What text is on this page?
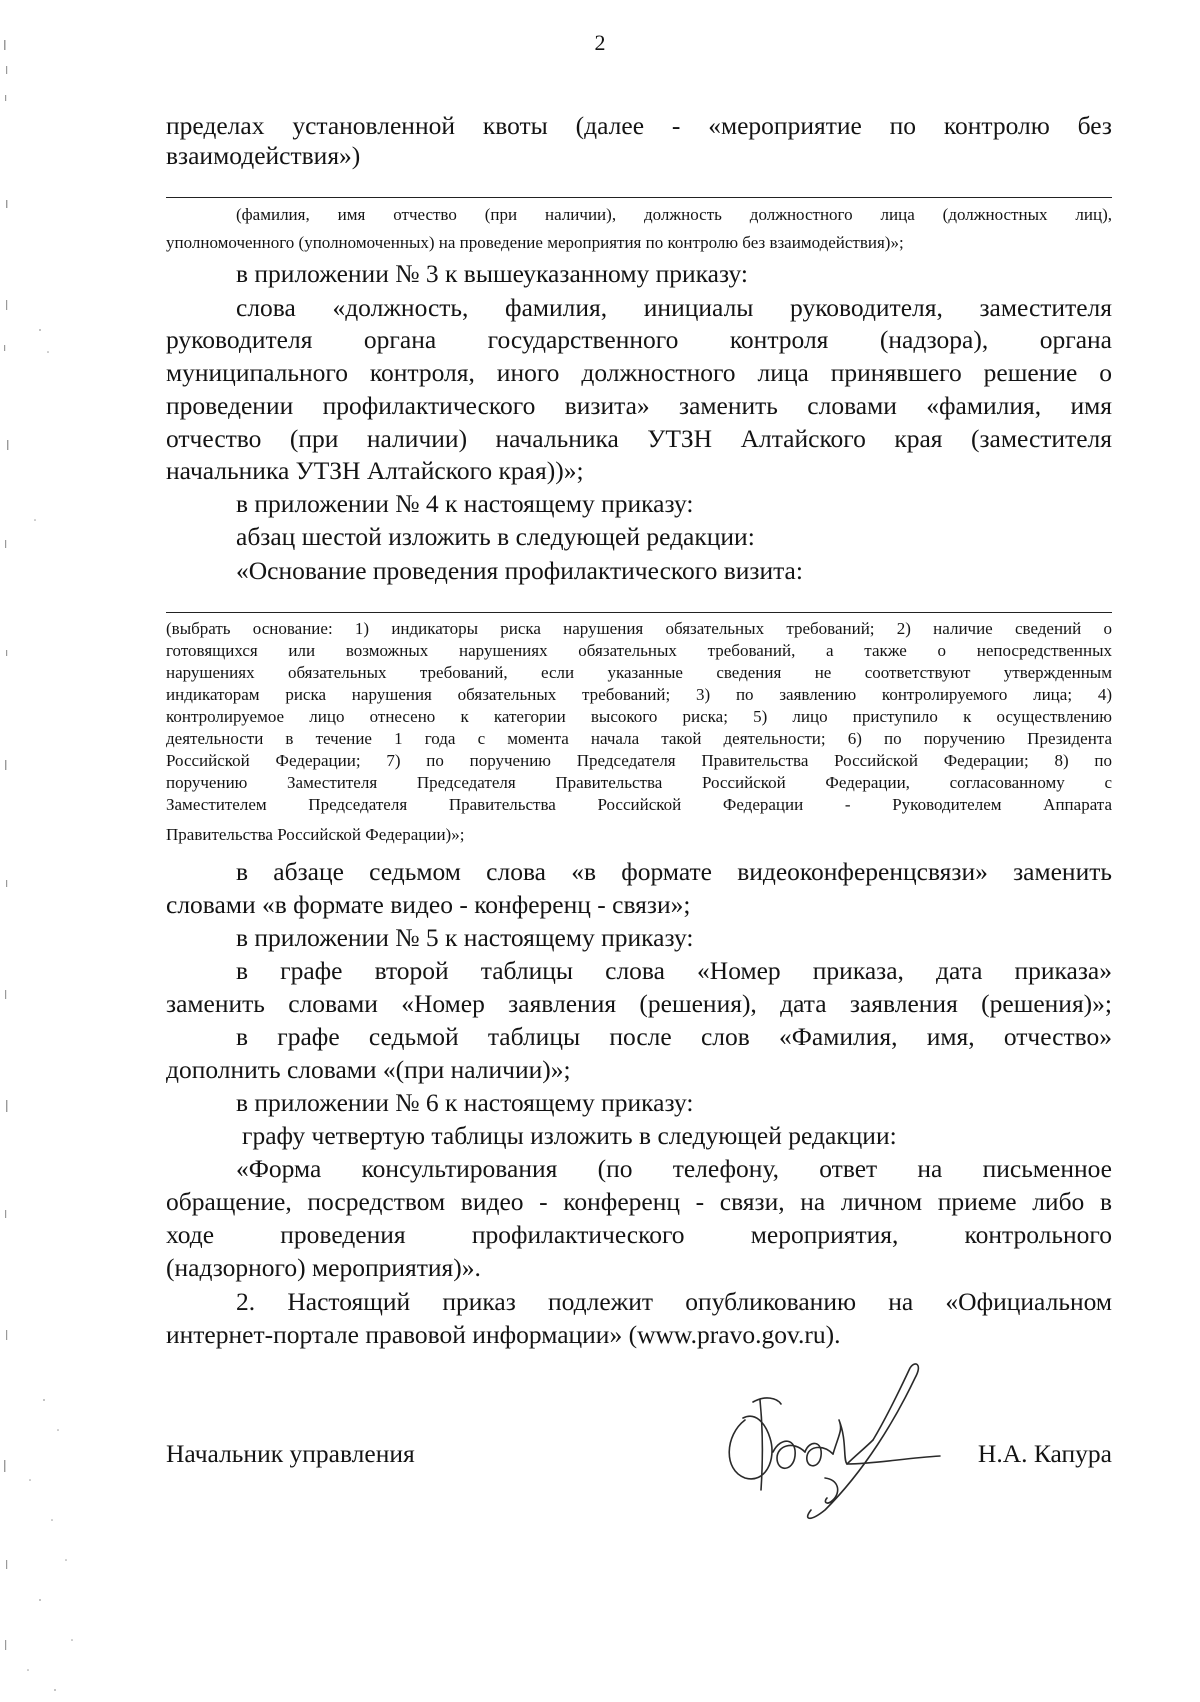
2
пределах установленной квоты (далее - «мероприятие по контролю без
взаимодействия»)
(фамилия, имя отчество (при наличии), должность должностного лица (должностных лиц),
уполномоченного (уполномоченных) на проведение мероприятия по контролю без взаимодействия)»;
в приложении № 3 к вышеуказанному приказу:
слова «должность, фамилия, инициалы руководителя, заместителя
руководителя органа государственного контроля (надзора), органа
муниципального контроля, иного должностного лица принявшего решение о
проведении профилактического визита» заменить словами «фамилия, имя
отчество (при наличии) начальника УТЗН Алтайского края (заместителя
начальника УТЗН Алтайского края))»;
в приложении № 4 к настоящему приказу:
абзац шестой изложить в следующей редакции:
«Основание проведения профилактического визита:
(выбрать основание: 1) индикаторы риска нарушения обязательных требований; 2) наличие сведений о
готовящихся или возможных нарушениях обязательных требований, а также о непосредственных
нарушениях обязательных требований, если указанные сведения не соответствуют утвержденным
индикаторам риска нарушения обязательных требований; 3) по заявлению контролируемого лица; 4)
контролируемое лицо отнесено к категории высокого риска; 5) лицо приступило к осуществлению
деятельности в течение 1 года с момента начала такой деятельности; 6) по поручению Президента
Российской Федерации; 7) по поручению Председателя Правительства Российской Федерации; 8) по
поручению Заместителя Председателя Правительства Российской Федерации, согласованному с
Заместителем Председателя Правительства Российской Федерации - Руководителем Аппарата
Правительства Российской Федерации)»;
в абзаце седьмом слова «в формате видеоконференцсвязи» заменить
словами «в формате видео - конференц - связи»;
в приложении № 5 к настоящему приказу:
в графе второй таблицы слова «Номер приказа, дата приказа»
заменить словами «Номер заявления (решения), дата заявления (решения)»;
в графе седьмой таблицы после слов «Фамилия, имя, отчество»
дополнить словами «(при наличии)»;
в приложении № 6 к настоящему приказу:
графу четвертую таблицы изложить в следующей редакции:
«Форма консультирования (по телефону, ответ на письменное
обращение, посредством видео - конференц - связи, на личном приеме либо в
ходе проведения профилактического мероприятия, контрольного
(надзорного) мероприятия)».
2. Настоящий приказ подлежит опубликованию на «Официальном
интернет-портале правовой информации» (www.pravo.gov.ru).
Начальник управления	Н.А. Капура
